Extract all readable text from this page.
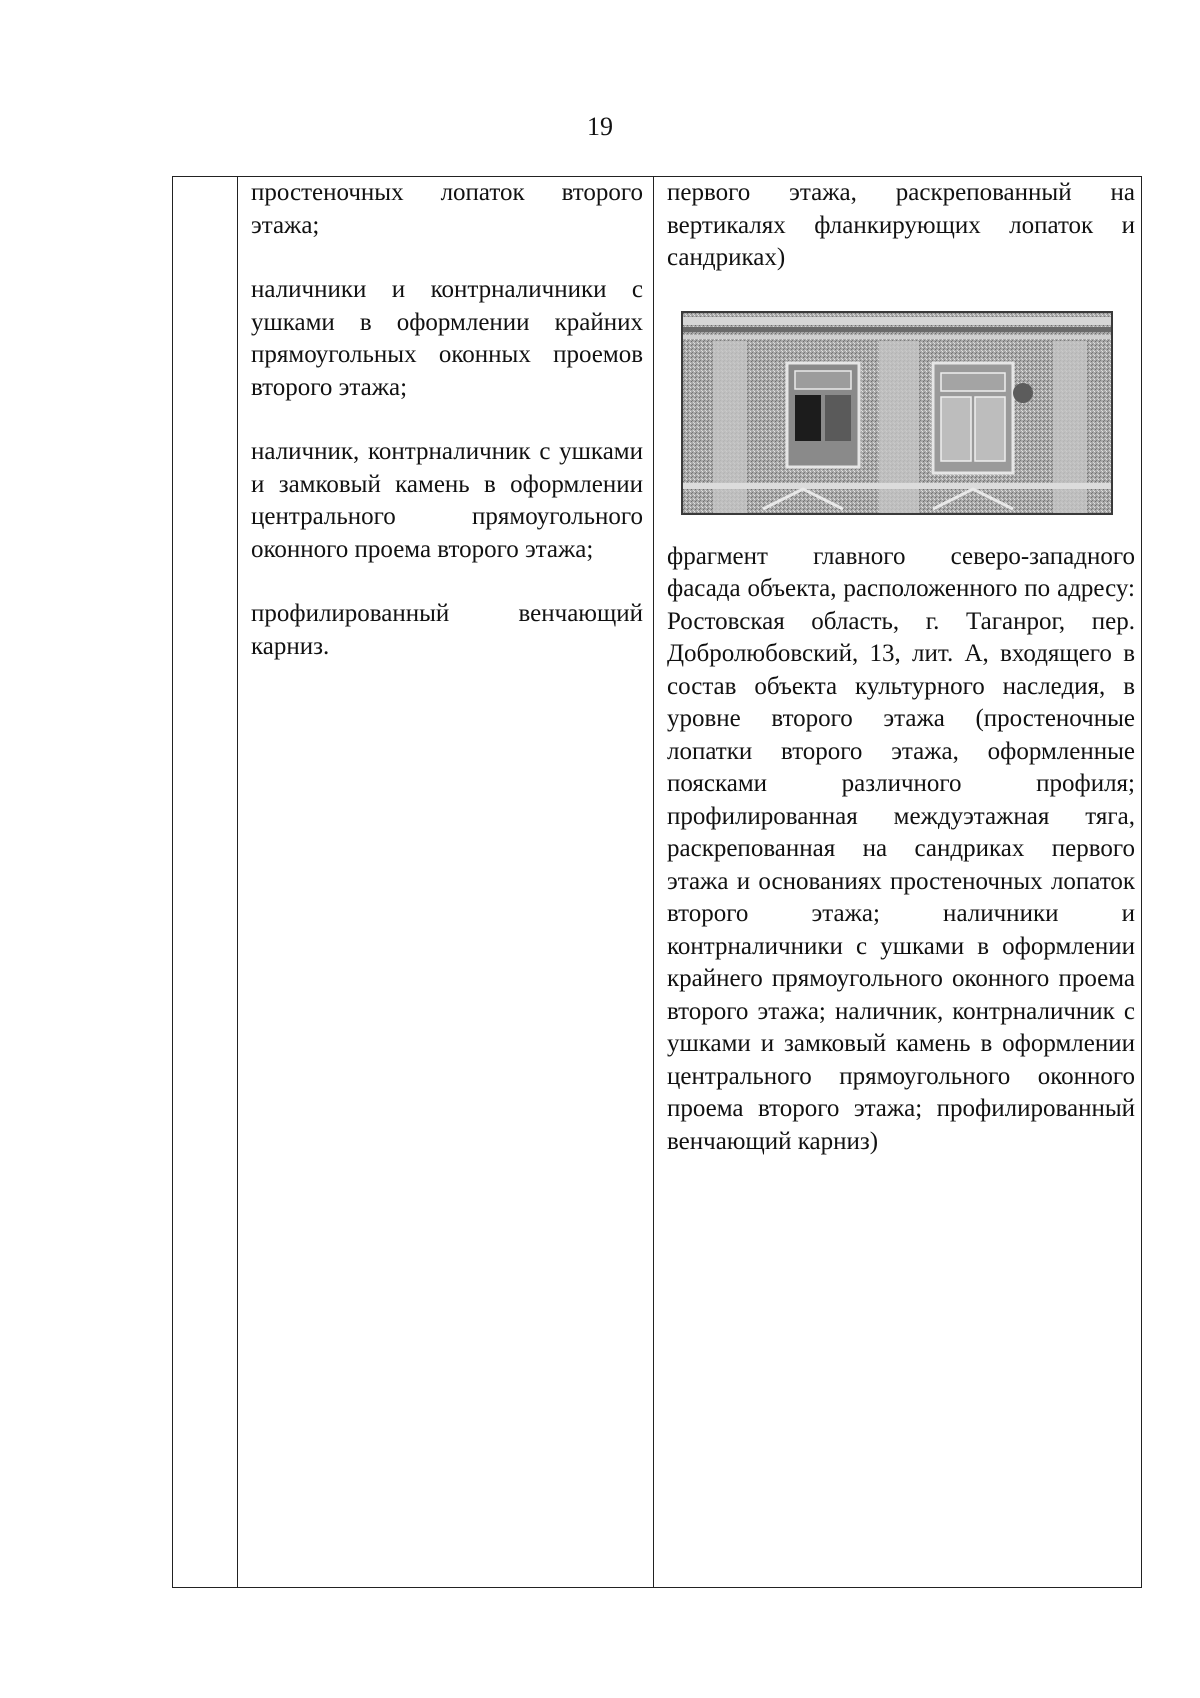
19

простеночных лопаток второго этажа;

наличники и контрналичники с ушками в оформлении крайних прямоугольных оконных проемов второго этажа;

наличник, контрналичник с ушками и замковый камень в оформлении центрального прямоугольного оконного проема второго этажа;

профилированный венчающий карниз.

первого этажа, раскрепованный на вертикалях фланкирующих лопаток и сандриках)

фрагмент главного северо-западного фасада объекта, расположенного по адресу: Ростовская область, г. Таганрог, пер. Добролюбовский, 13, лит. А, входящего в состав объекта культурного наследия, в уровне второго этажа (простеночные лопатки второго этажа, оформленные поясками различного профиля; профилированная междуэтажная тяга, раскрепованная на сандриках первого этажа и основаниях простеночных лопаток второго этажа; наличники и контрналичники с ушками в оформлении крайнего прямоугольного оконного проема второго этажа; наличник, контрналичник с ушками и замковый камень в оформлении центрального прямоугольного оконного проема второго этажа; профилированный венчающий карниз)
